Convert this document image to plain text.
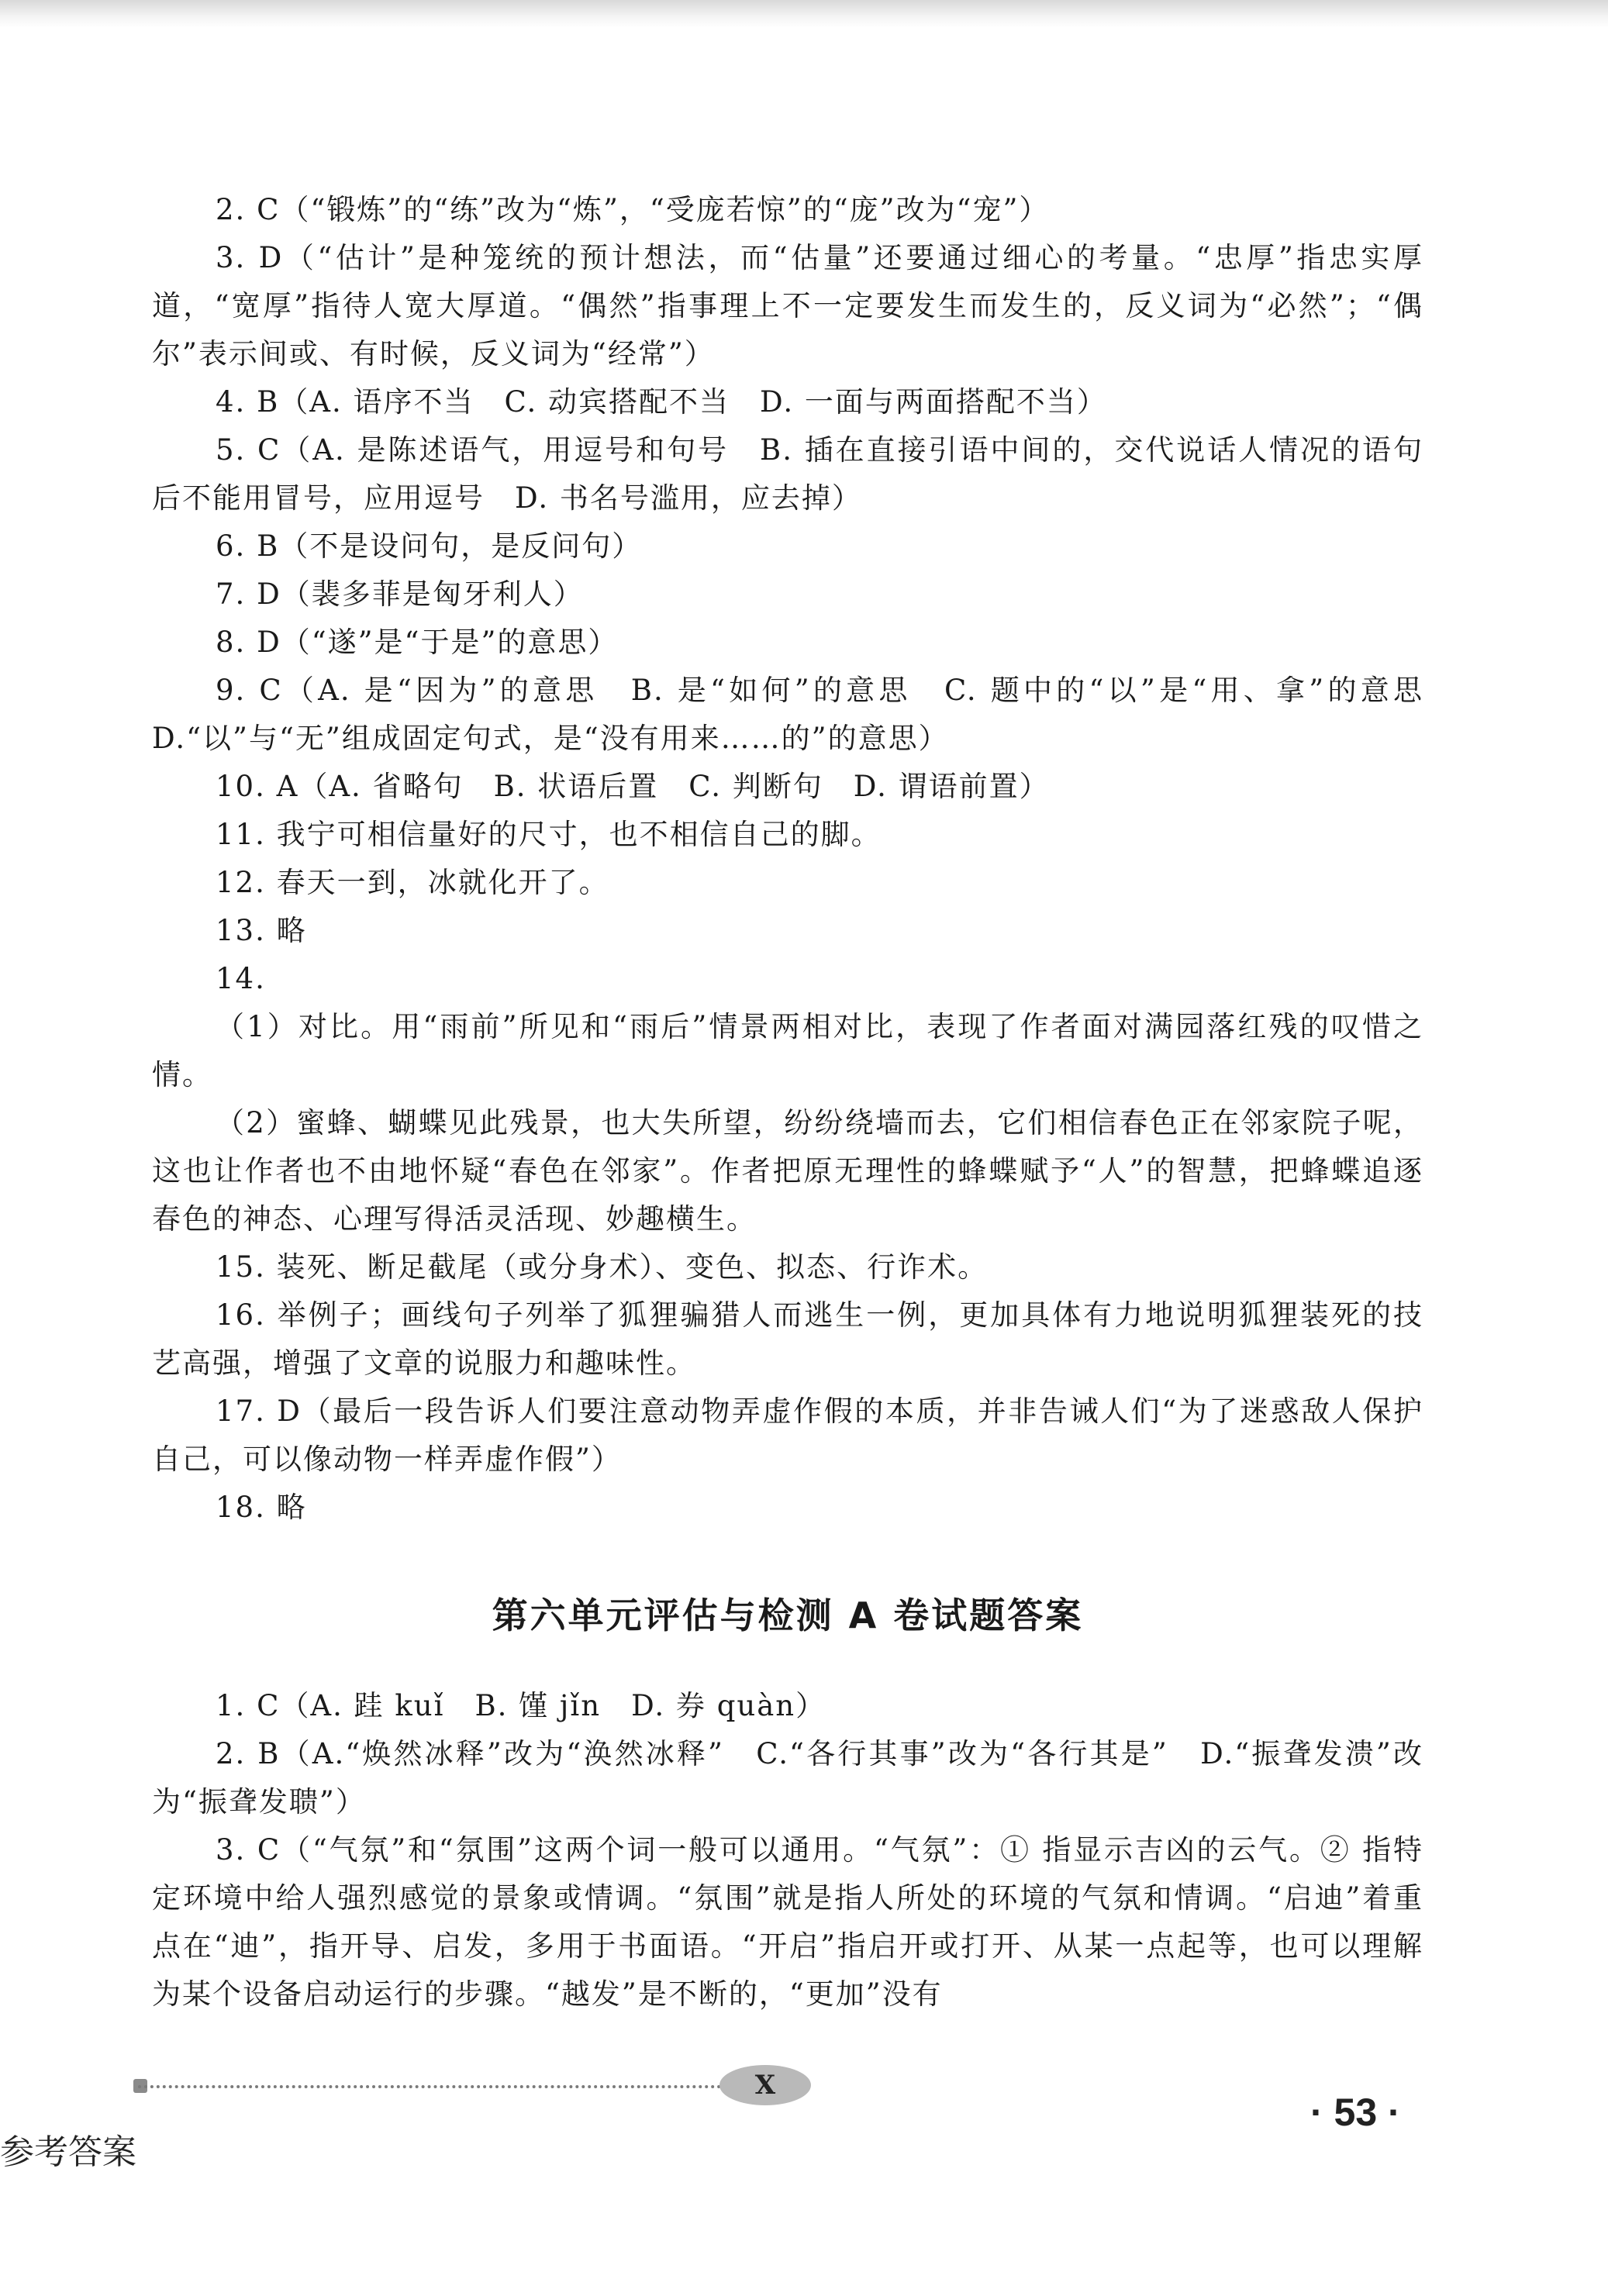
2. C（“锻炼”的“练”改为“炼”，“受庞若惊”的“庞”改为“宠”）

3. D（“估计”是种笼统的预计想法，而“估量”还要通过细心的考量。“忠厚”指忠实厚道，“宽厚”指待人宽大厚道。“偶然”指事理上不一定要发生而发生的，反义词为“必然”；“偶尔”表示间或、有时候，反义词为“经常”）

4. B（A. 语序不当　C. 动宾搭配不当　D. 一面与两面搭配不当）

5. C（A. 是陈述语气，用逗号和句号　B. 插在直接引语中间的，交代说话人情况的语句后不能用冒号，应用逗号　D. 书名号滥用，应去掉）

6. B（不是设问句，是反问句）

7. D（裴多菲是匈牙利人）

8. D（“遂”是“于是”的意思）

9. C（A. 是“因为”的意思　B. 是“如何”的意思　C. 题中的“以”是“用、拿”的意思　D.“以”与“无”组成固定句式，是“没有用来……的”的意思）

10. A（A. 省略句　B. 状语后置　C. 判断句　D. 谓语前置）

11. 我宁可相信量好的尺寸，也不相信自己的脚。

12. 春天一到，冰就化开了。

13. 略

14.

（1）对比。用“雨前”所见和“雨后”情景两相对比，表现了作者面对满园落红残的叹惜之情。

（2）蜜蜂、蝴蝶见此残景，也大失所望，纷纷绕墙而去，它们相信春色正在邻家院子呢，这也让作者也不由地怀疑“春色在邻家”。作者把原无理性的蜂蝶赋予“人”的智慧，把蜂蝶追逐春色的神态、心理写得活灵活现、妙趣横生。

15. 装死、断足截尾（或分身术）、变色、拟态、行诈术。

16. 举例子；画线句子列举了狐狸骗猎人而逃生一例，更加具体有力地说明狐狸装死的技艺高强，增强了文章的说服力和趣味性。

17. D（最后一段告诉人们要注意动物弄虚作假的本质，并非告诫人们“为了迷惑敌人保护自己，可以像动物一样弄虚作假”）

18. 略

第六单元评估与检测 A 卷试题答案

1. C（A. 跬 kuǐ　B. 馑 jǐn　D. 券 quàn）

2. B（A.“焕然冰释”改为“涣然冰释”　C.“各行其事”改为“各行其是”　D.“振聋发溃”改为“振聋发聩”）

3. C（“气氛”和“氛围”这两个词一般可以通用。“气氛”：① 指显示吉凶的云气。② 指特定环境中给人强烈感觉的景象或情调。“氛围”就是指人所处的环境的气氛和情调。“启迪”着重点在“迪”，指开导、启发，多用于书面语。“开启”指启开或打开、从某一点起等，也可以理解为某个设备启动运行的步骤。“越发”是不断的，“更加”没有

X
参考答案
· 53 ·
